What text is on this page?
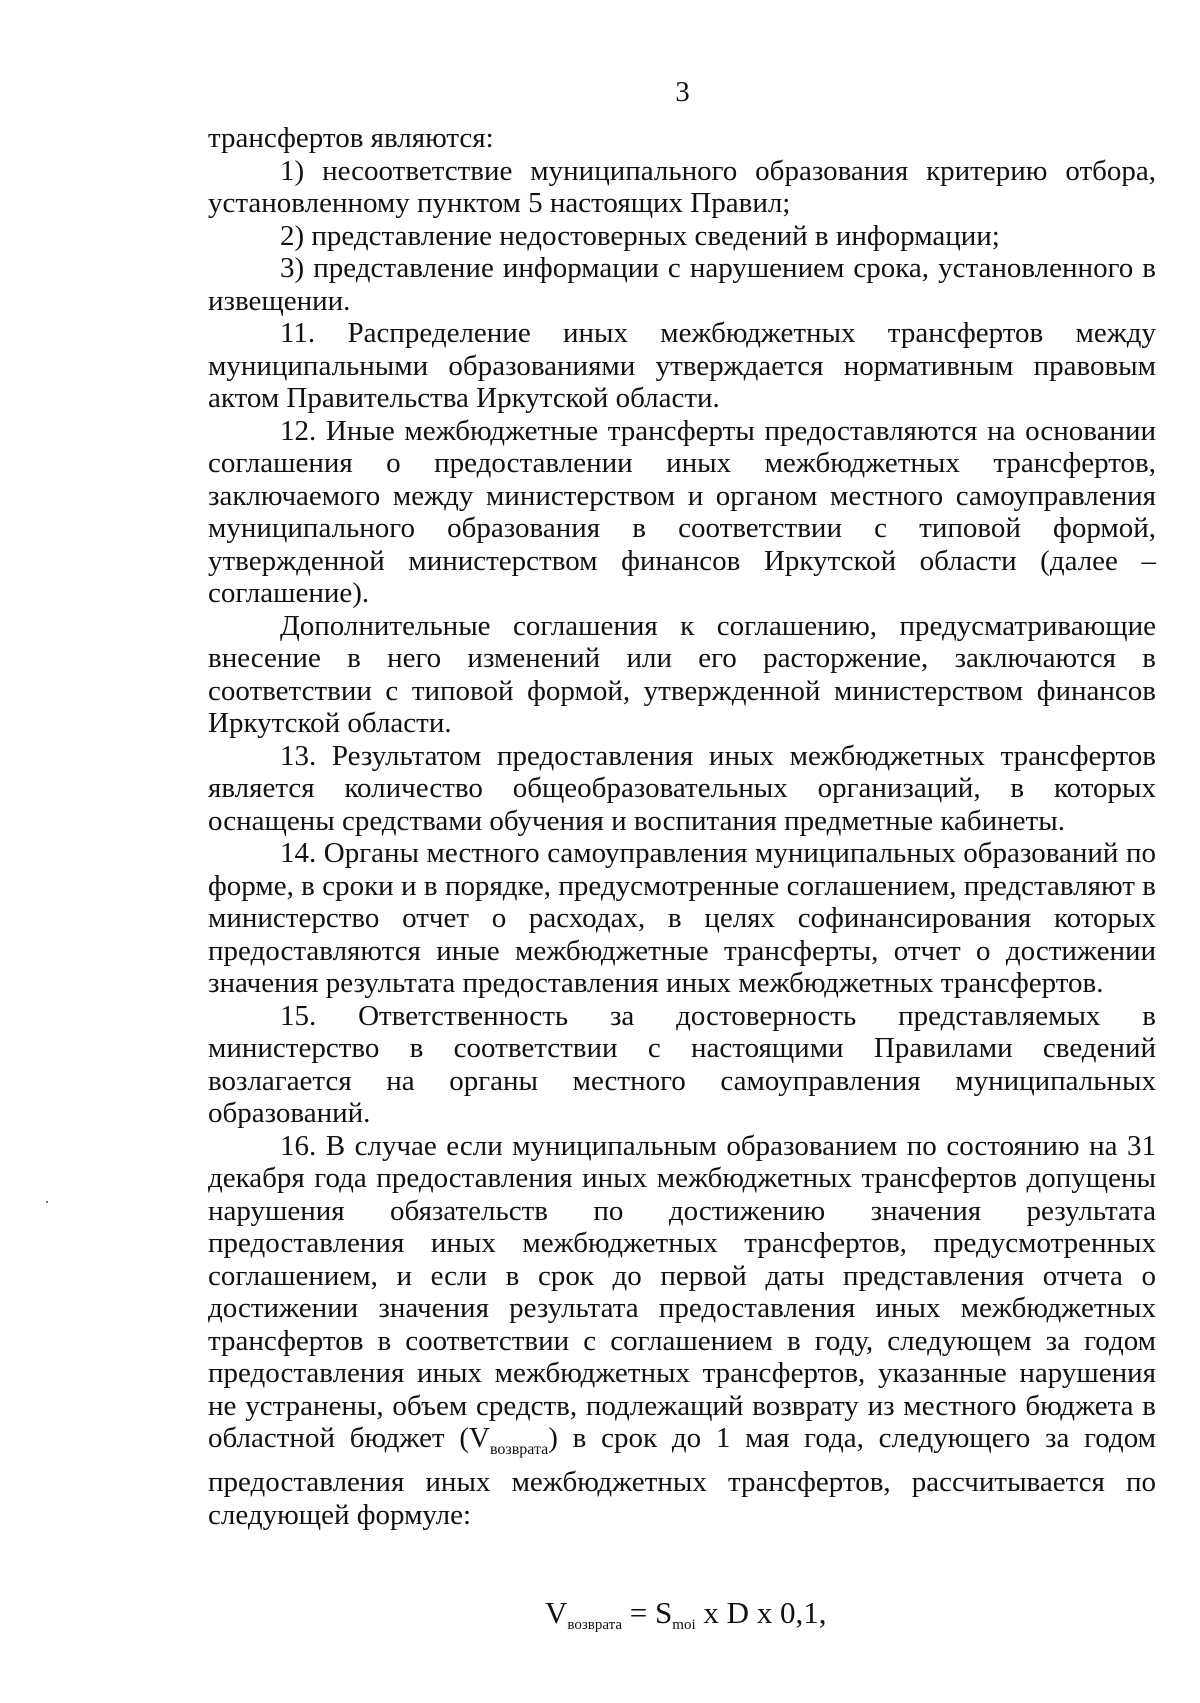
3

трансфертов являются:

1) несоответствие муниципального образования критерию отбора, установленному пунктом 5 настоящих Правил;

2) представление недостоверных сведений в информации;

3) представление информации с нарушением срока, установленного в извещении.

11. Распределение иных межбюджетных трансфертов между муниципальными образованиями утверждается нормативным правовым актом Правительства Иркутской области.

12. Иные межбюджетные трансферты предоставляются на основании соглашения о предоставлении иных межбюджетных трансфертов, заключаемого между министерством и органом местного самоуправления муниципального образования в соответствии с типовой формой, утвержденной министерством финансов Иркутской области (далее – соглашение).

Дополнительные соглашения к соглашению, предусматривающие внесение в него изменений или его расторжение, заключаются в соответствии с типовой формой, утвержденной министерством финансов Иркутской области.

13. Результатом предоставления иных межбюджетных трансфертов является количество общеобразовательных организаций, в которых оснащены средствами обучения и воспитания предметные кабинеты.

14. Органы местного самоуправления муниципальных образований по форме, в сроки и в порядке, предусмотренные соглашением, представляют в министерство отчет о расходах, в целях софинансирования которых предоставляются иные межбюджетные трансферты, отчет о достижении значения результата предоставления иных межбюджетных трансфертов.

15. Ответственность за достоверность представляемых в министерство в соответствии с настоящими Правилами сведений возлагается на органы местного самоуправления муниципальных образований.

16. В случае если муниципальным образованием по состоянию на 31 декабря года предоставления иных межбюджетных трансфертов допущены нарушения обязательств по достижению значения результата предоставления иных межбюджетных трансфертов, предусмотренных соглашением, и если в срок до первой даты представления отчета о достижении значения результата предоставления иных межбюджетных трансфертов в соответствии с соглашением в году, следующем за годом предоставления иных межбюджетных трансфертов, указанные нарушения не устранены, объем средств, подлежащий возврату из местного бюджета в областной бюджет $(V_{возврата})$ в срок до 1 мая года, следующего за годом предоставления иных межбюджетных трансфертов, рассчитывается по следующей формуле:

$V_{возврата} = S_{moi}$ x D x 0,1,
